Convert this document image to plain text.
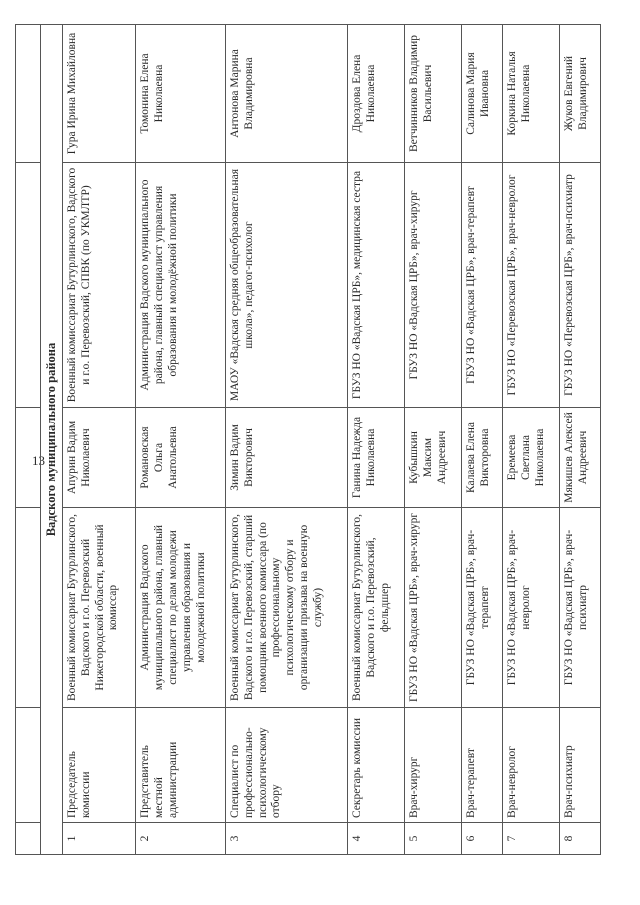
13
					Вадского муниципального района					
1	Председатель комиссии	Военный комиссариат Бутурлинского, Вадского и г.о. Перевозский Нижегородской области, военный комиссар	Апурин Вадим Николаевич	Военный комиссариат Бутурлинского, Вадского и г.о. Перевозский, СПВК (по УКМЛТР)	Гура Ирина Михайловна
2	Представитель местной администрации	Администрация Вадского муниципального района, главный специалист по делам молодежи управления образования и молодежной политики	Романовская Ольга Анатольевна	Администрация Вадского муниципального района, главный специалист управления образования и молодёжной политики	Томонина Елена Николаевна
3	Специалист по профессионально-психологическому отбору	Военный комиссариат Бутурлинского, Вадского и г.о. Перевозский, старший помощник военного комиссара (по профессиональному психологическому отбору и организации призыва на военную службу)	Зимин Вадим Викторович	МАОУ «Вадская средняя общеобразовательная школа», педагог-психолог	Антонова Марина Владимировна
4	Секретарь комиссии	Военный комиссариат Бутурлинского, Вадского и г.о. Перевозский, фельдшер	Ганина Надежда Николаевна	ГБУЗ НО «Вадская ЦРБ», медицинская сестра	Дроздова Елена Николаевна
5	Врач-хирург	ГБУЗ НО «Вадская ЦРБ», врач-хирург	Кубышкин Максим Андреевич	ГБУЗ НО «Вадская ЦРБ», врач-хирург	Ветчинников Владимир Васильевич
6	Врач-терапевт	ГБУЗ НО «Вадская ЦРБ», врач-терапевт	Калаева Елена Викторовна	ГБУЗ НО «Вадская ЦРБ», врач-терапевт	Салинова Мария Ивановна
7	Врач-невролог	ГБУЗ НО «Вадская ЦРБ», врач-невролог	Еремеева Светлана Николаевна	ГБУЗ НО «Перевозская ЦРБ», врач-невролог	Коркина Наталья Николаевна
8	Врач-психиатр	ГБУЗ НО «Вадская ЦРБ», врач-психиатр	Мякишев Алексей Андреевич	ГБУЗ НО «Перевозская ЦРБ», врач-психиатр	Жуков Евгений Владимирович
